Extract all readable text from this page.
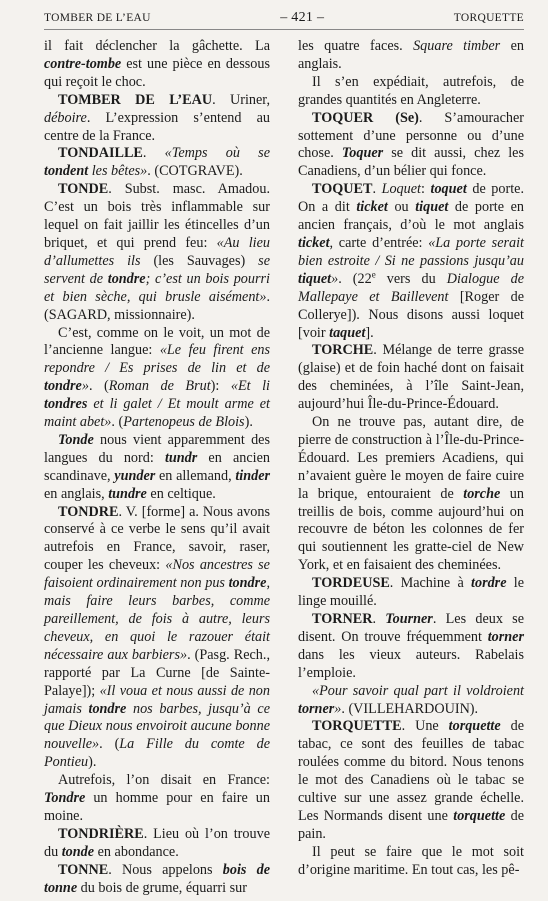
TOMBER DE L’EAU	– 421 –	TORQUETTE

il fait déclencher la gâchette. La contre-tombe est une pièce en dessous qui reçoit le choc.

TOMBER DE L’EAU. Uriner, déboire. L’expression s’entend au centre de la France.

TONDAILLE. «Temps où se tondent les bêtes». (COTGRAVE).

TONDE. Subst. masc. Amadou. C’est un bois très inflammable sur lequel on fait jaillir les étincelles d’un briquet, et qui prend feu: «Au lieu d’allumettes ils (les Sauvages) se servent de tondre; c’est un bois pourri et bien sèche, qui brusle aisément». (SAGARD, missionnaire).

C’est, comme on le voit, un mot de l’ancienne langue: «Le feu firent ens repondre / Es prises de lin et de tondre». (Roman de Brut): «Et li tondres et li galet / Et moult arme et maint abet». (Partenopeus de Blois).

Tonde nous vient apparemment des langues du nord: tundr en ancien scandinave, yunder en allemand, tinder en anglais, tundre en celtique.

TONDRE. V. [forme] a. Nous avons conservé à ce verbe le sens qu’il avait autrefois en France, savoir, raser, couper les cheveux: «Nos ancestres se faisoient ordinairement non pus tondre, mais faire leurs barbes, comme pareillement, de fois à autre, leurs cheveux, en quoi le razouer était nécessaire aux barbiers». (Pasg. Rech., rapporté par La Curne [de Sainte-Palaye]); «Il voua et nous aussi de non jamais tondre nos barbes, jusqu’à ce que Dieux nous envoiroit aucune bonne nouvelle». (La Fille du comte de Pontieu).

Autrefois, l’on disait en France: Tondre un homme pour en faire un moine.

TONDRIÈRE. Lieu où l’on trouve du tonde en abondance.

TONNE. Nous appelons bois de tonne du bois de grume, équarri sur

les quatre faces. Square timber en anglais.

Il s’en expédiait, autrefois, de grandes quantités en Angleterre.

TOQUER (Se). S’amouracher sottement d’une personne ou d’une chose. Toquer se dit aussi, chez les Canadiens, d’un bélier qui fonce.

TOQUET. Loquet: toquet de porte. On a dit ticket ou tiquet de porte en ancien français, d’où le mot anglais ticket, carte d’entrée: «La porte serait bien estroite / Si ne passions jusqu’au tiquet». (22e vers du Dialogue de Mallepaye et Baillevent [Roger de Collerye]). Nous disons aussi loquet [voir taquet].

TORCHE. Mélange de terre grasse (glaise) et de foin haché dont on faisait des cheminées, à l’île Saint-Jean, aujourd’hui Île-du-Prince-Édouard.

On ne trouve pas, autant dire, de pierre de construction à l’Île-du-Prince-Édouard. Les premiers Acadiens, qui n’avaient guère le moyen de faire cuire la brique, entouraient de torche un treillis de bois, comme aujourd’hui on recouvre de béton les colonnes de fer qui soutiennent les gratte-ciel de New York, et en faisaient des cheminées.

TORDEUSE. Machine à tordre le linge mouillé.

TORNER. Tourner. Les deux se disent. On trouve fréquemment torner dans les vieux auteurs. Rabelais l’emploie.

«Pour savoir qual part il voldroient torner». (VILLEHARDOUIN).

TORQUETTE. Une torquette de tabac, ce sont des feuilles de tabac roulées comme du bitord. Nous tenons le mot des Canadiens où le tabac se cultive sur une assez grande échelle. Les Normands disent une torquette de pain.

Il peut se faire que le mot soit d’origine maritime. En tout cas, les pê-
